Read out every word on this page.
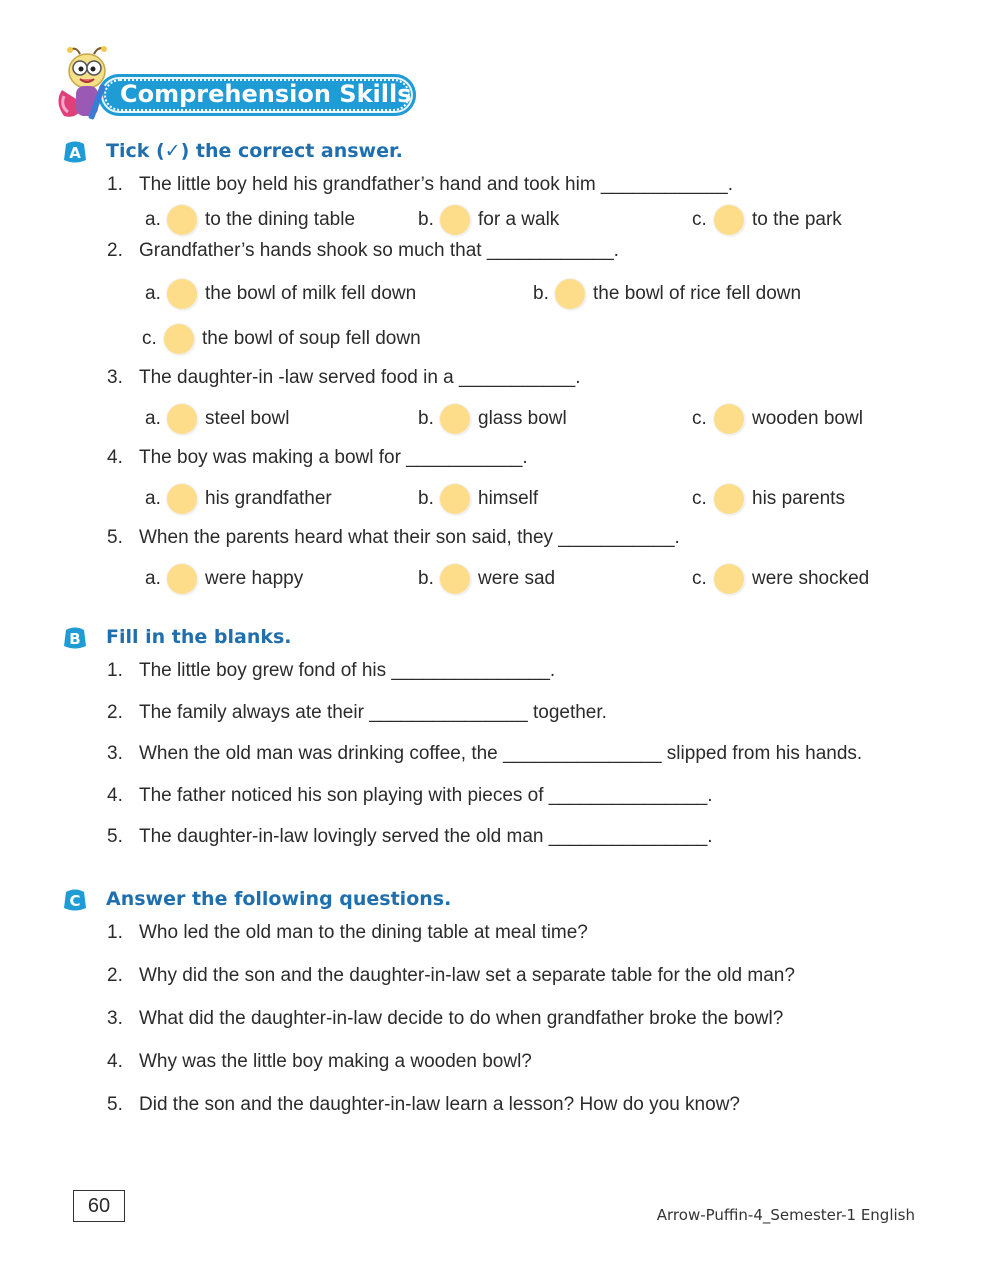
Comprehension Skills
A Tick (✓) the correct answer.
1. The little boy held his grandfather’s hand and took him ____________.
a.	to the dining table	b.	for a walk	c.	to the park
2. Grandfather’s hands shook so much that ____________.
a.	the bowl of milk fell down	b.	the bowl of rice fell down
c.	the bowl of soup fell down
3. The daughter-in -law served food in a ___________.
a.	steel bowl	b.	glass bowl	c.	wooden bowl
4. The boy was making a bowl for ___________.
a.	his grandfather	b.	himself	c.	his parents
5. When the parents heard what their son said, they ___________.
a.	were happy	b.	were sad	c.	were shocked
B Fill in the blanks.
1. The little boy grew fond of his _______________.
2. The family always ate their _______________ together.
3. When the old man was drinking coffee, the _______________ slipped from his hands.
4. The father noticed his son playing with pieces of _______________.
5. The daughter-in-law lovingly served the old man _______________.
C Answer the following questions.
1. Who led the old man to the dining table at meal time?
2. Why did the son and the daughter-in-law set a separate table for the old man?
3. What did the daughter-in-law decide to do when grandfather broke the bowl?
4. Why was the little boy making a wooden bowl?
5. Did the son and the daughter-in-law learn a lesson? How do you know?
60	Arrow-Puffin-4_Semester-1 English
